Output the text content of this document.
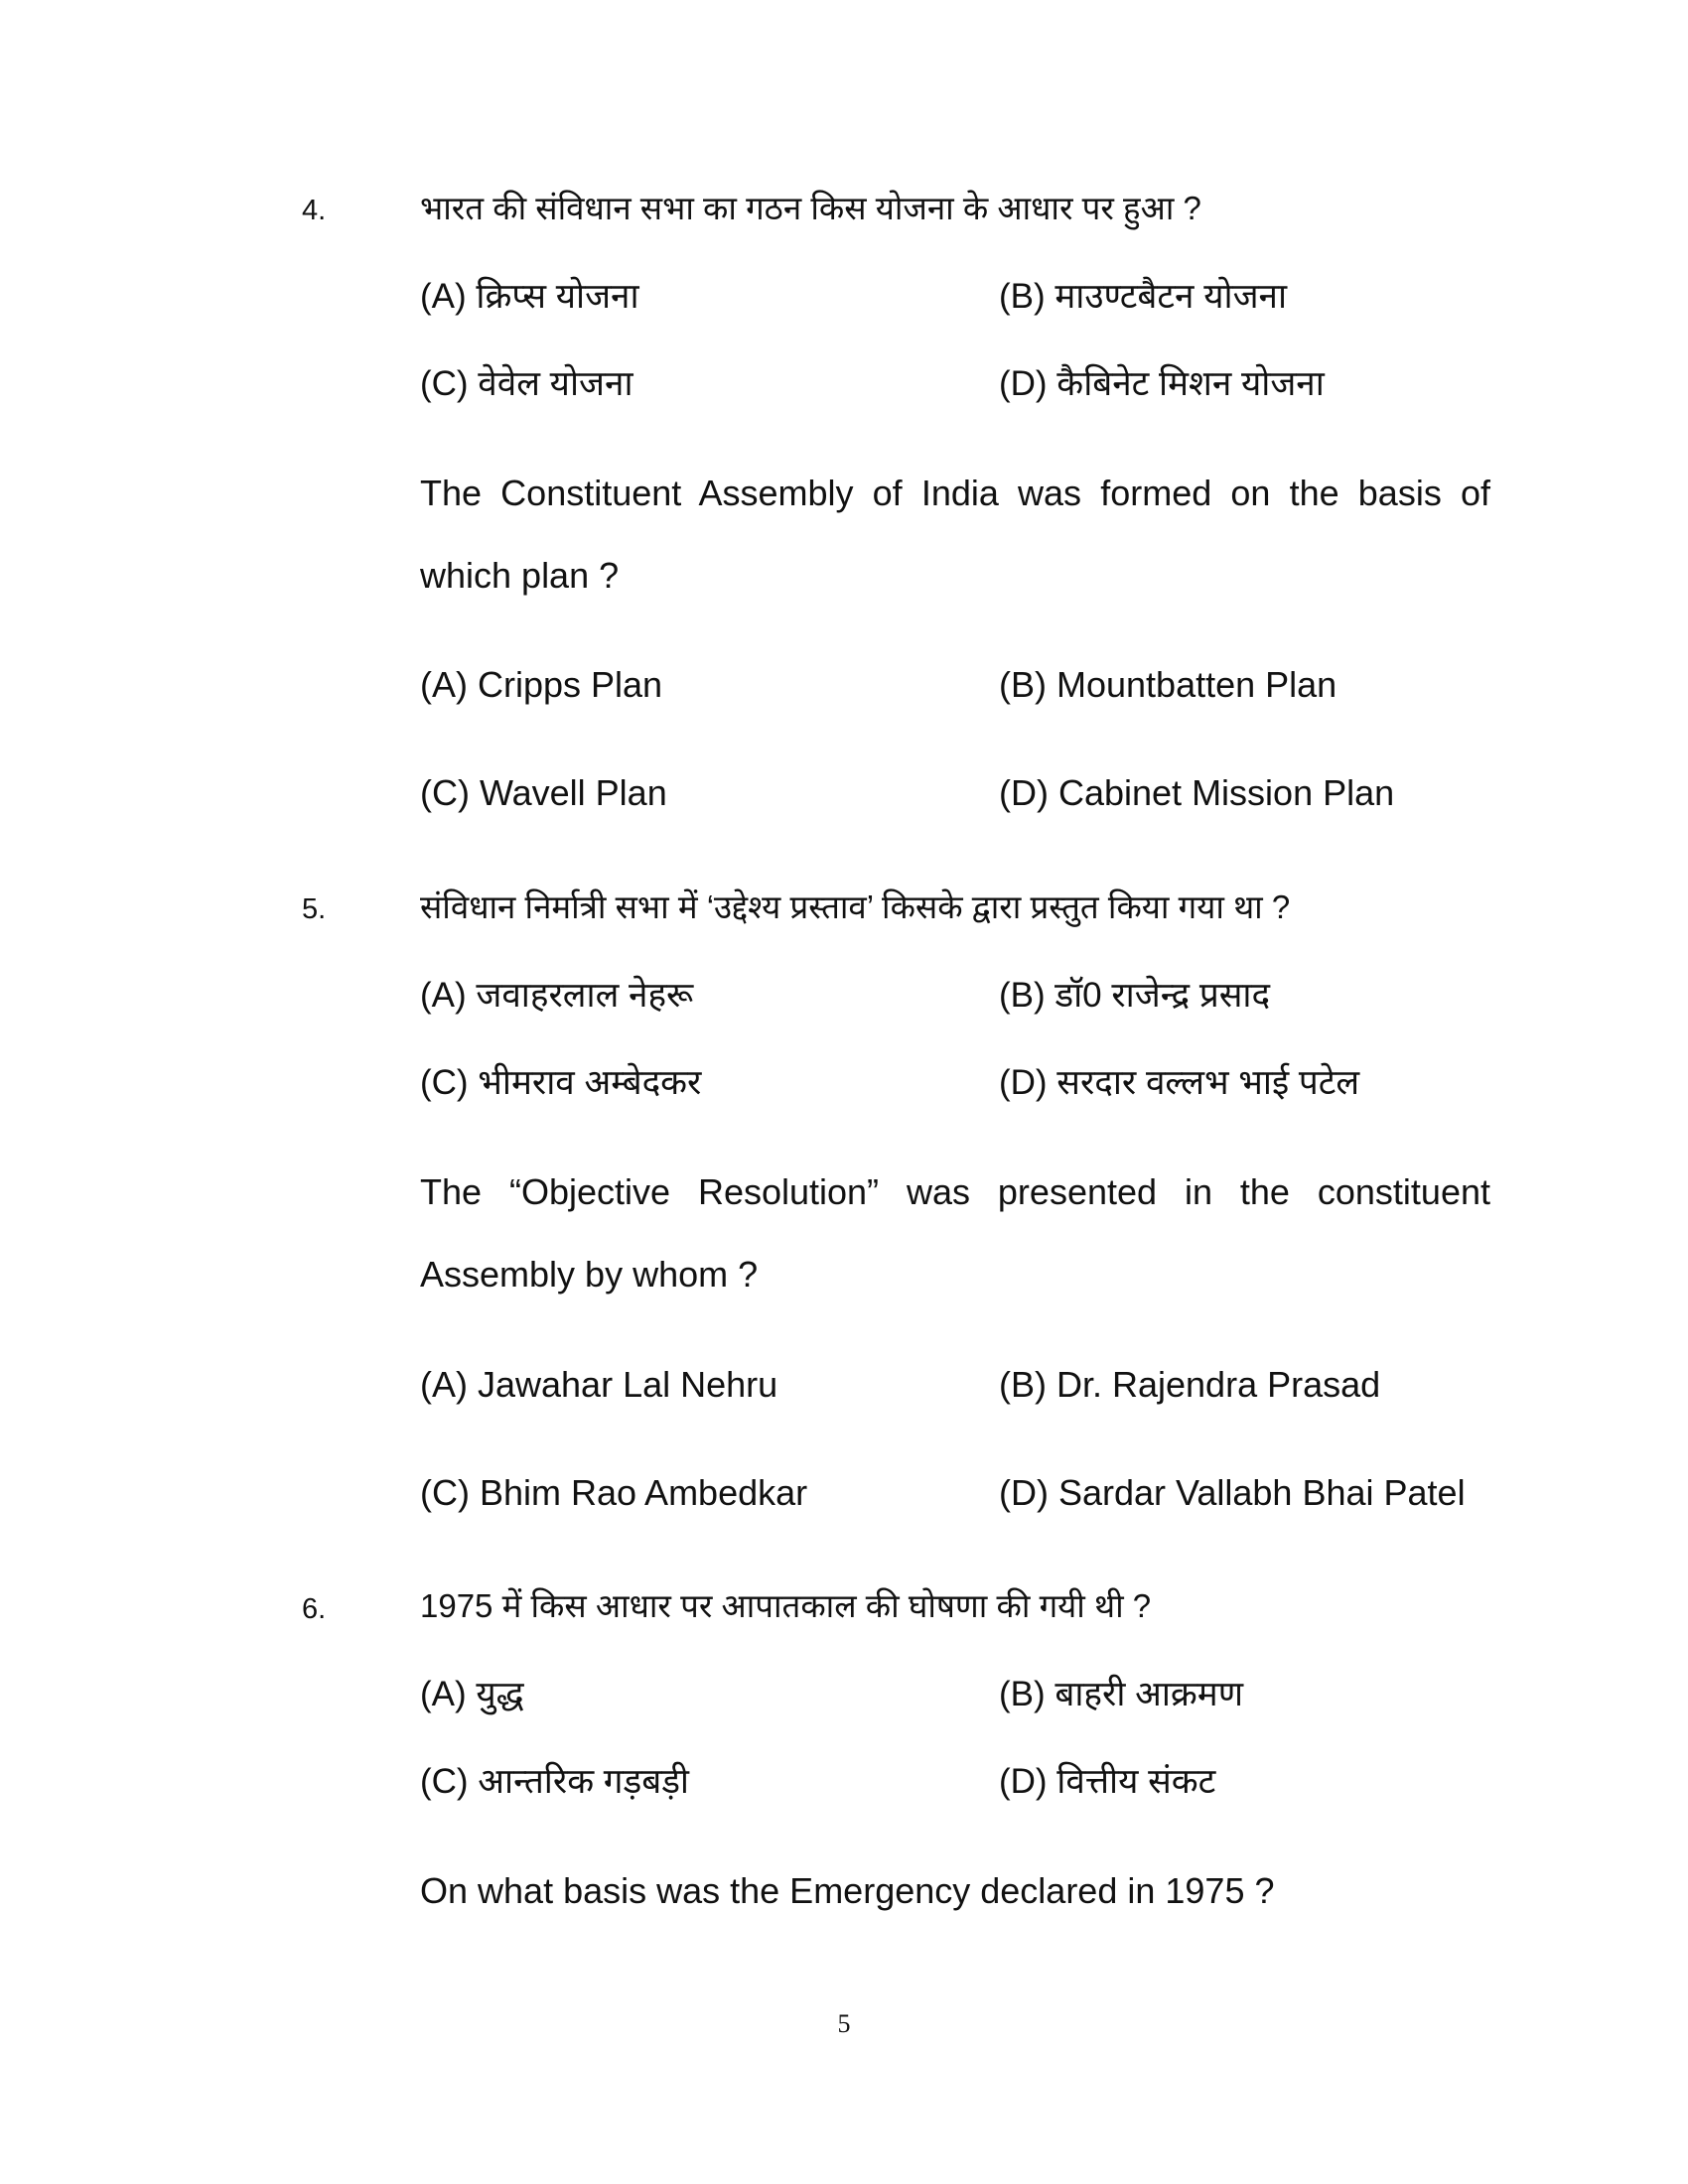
4.	भारत की संविधान सभा का गठन किस योजना के आधार पर हुआ ?
(A) क्रिप्स योजना	(B) माउण्टबैटन योजना
(C) वेवेल योजना	(D) कैबिनेट मिशन योजना
The Constituent Assembly of India was formed on the basis of
which plan ?
(A) Cripps Plan	(B) Mountbatten Plan
(C) Wavell Plan	(D) Cabinet Mission Plan
5.	संविधान निर्मात्री सभा में ‘उद्देश्य प्रस्ताव’ किसके द्वारा प्रस्तुत किया गया था ?
(A) जवाहरलाल नेहरू	(B) डॉ0 राजेन्द्र प्रसाद
(C) भीमराव अम्बेदकर	(D) सरदार वल्लभ भाई पटेल
The “Objective Resolution” was presented in the constituent
Assembly by whom ?
(A) Jawahar Lal Nehru	(B) Dr. Rajendra Prasad
(C) Bhim Rao Ambedkar	(D) Sardar Vallabh Bhai Patel
6.	1975 में किस आधार पर आपातकाल की घोषणा की गयी थी ?
(A) युद्ध	(B) बाहरी आक्रमण
(C) आन्तरिक गड़बड़ी	(D) वित्तीय संकट
On what basis was the Emergency declared in 1975 ?
5
